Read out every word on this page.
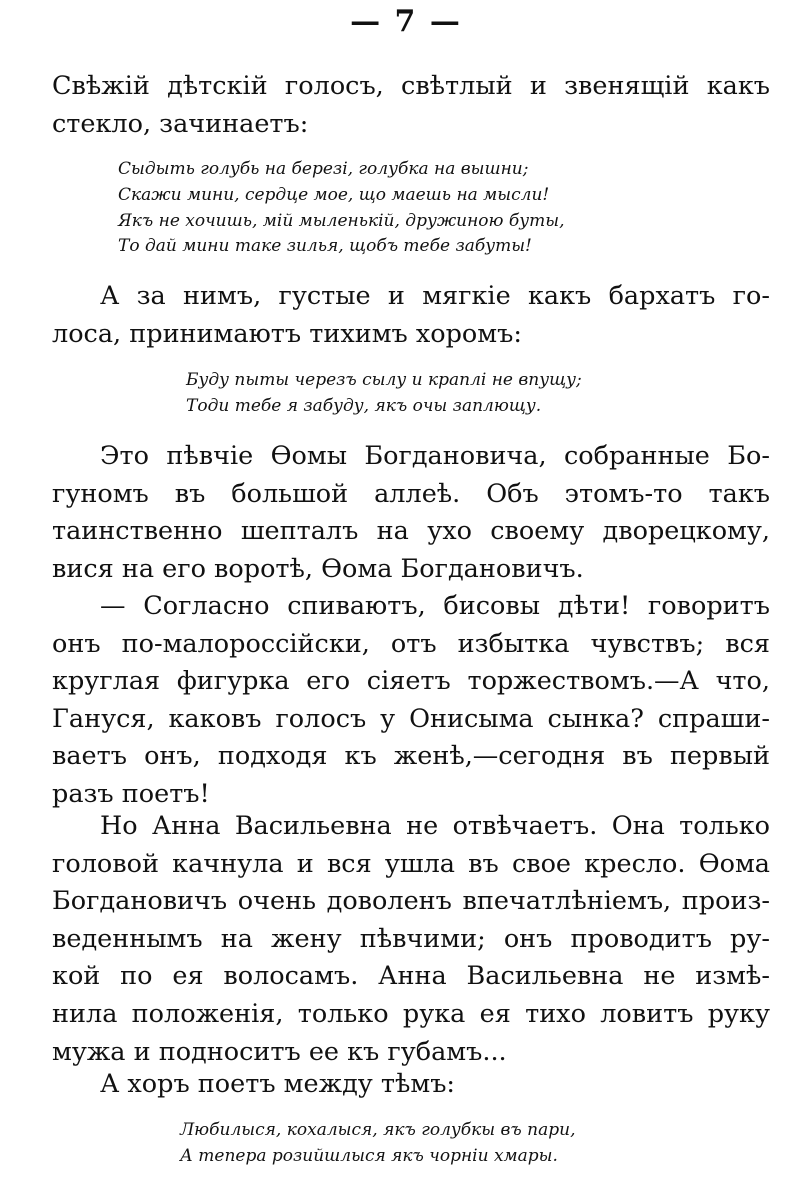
— 7 —
Свѣжій дѣтскій голосъ, свѣтлый и звенящій какъ
стекло, зачинаетъ:
Сыдыть голубь на березi, голубка на вышни;
Скажи мини, сердце мое, що маешь на мысли!
Якъ не хочишь, мiй мыленькiй, дружиною буты,
То дай мини таке зилья, щобъ тебе забуты!
А за нимъ, густые и мягкіе какъ бархатъ го-
лоса, принимаютъ тихимъ хоромъ:
Буду пыты черезъ сылу и краплi не впущу;
Тоди тебе я забуду, якъ очы заплющу.
Это пѣвчіе Ѳомы Богдановича, собранные Бо-
гуномъ въ большой аллеѣ. Объ этомъ-то такъ
таинственно шепталъ на ухо своему дворецкому,
вися на его воротѣ, Ѳома Богдановичъ.
— Согласно спиваютъ, бисовы дѣти! говоритъ
онъ по-малороссійски, отъ избытка чувствъ; вся
круглая фигурка его сіяетъ торжествомъ.—А что,
Гануся, каковъ голосъ у Онисыма сынка? спраши-
ваетъ онъ, подходя къ женѣ,—сегодня въ первый
разъ поетъ!
Но Анна Васильевна не отвѣчаетъ. Она только
головой качнула и вся ушла въ свое кресло. Ѳома
Богдановичъ очень доволенъ впечатлѣніемъ, произ-
веденнымъ на жену пѣвчими; онъ проводитъ ру-
кой по ея волосамъ. Анна Васильевна не измѣ-
нила положенія, только рука ея тихо ловитъ руку
мужа и подноситъ ее къ губамъ...
А хоръ поетъ между тѣмъ:
Любилыся, кохалыся, якъ голубкы въ пари,
А тепера розийшлыся якъ чорнiи хмары.
